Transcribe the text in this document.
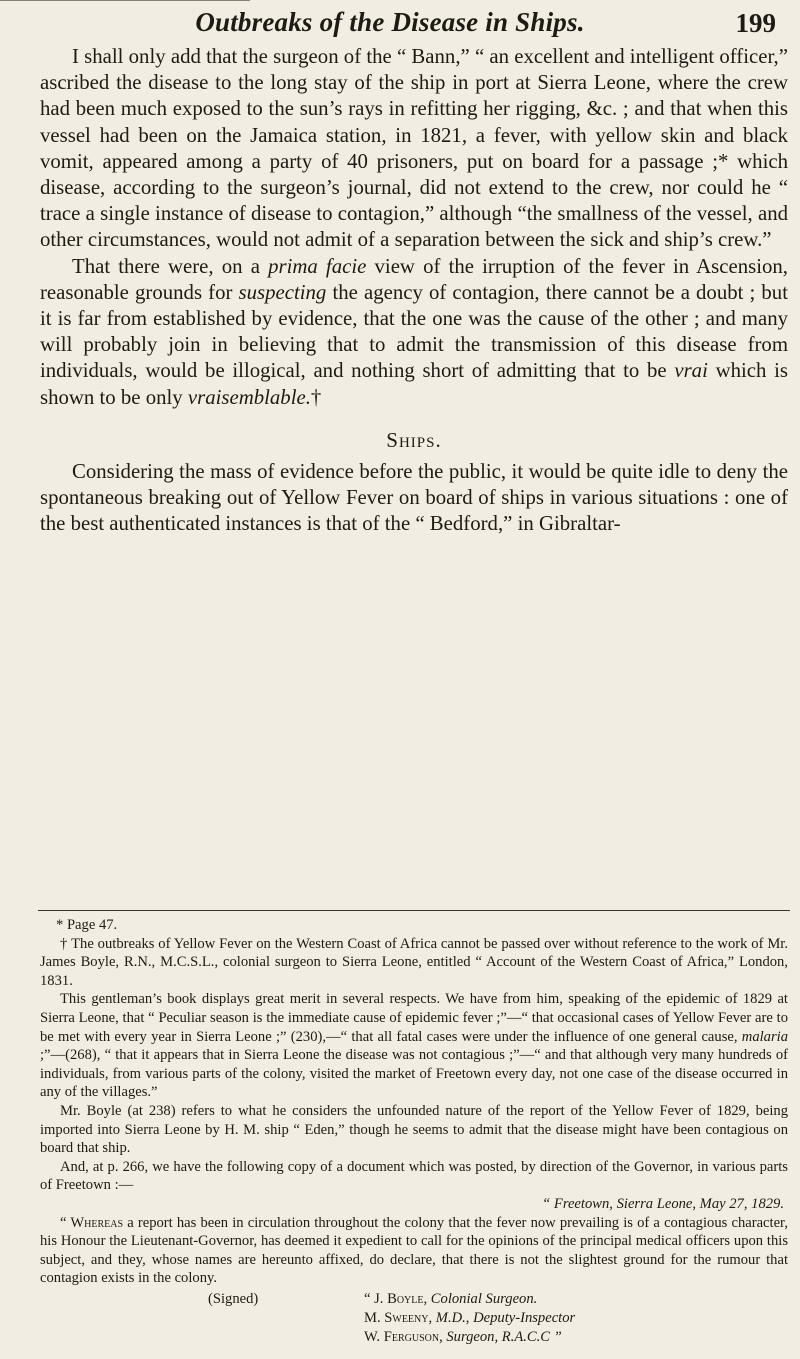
Outbreaks of the Disease in Ships.	199

I shall only add that the surgeon of the “ Bann,” “ an excellent and intelligent officer,” ascribed the disease to the long stay of the ship in port at Sierra Leone, where the crew had been much exposed to the sun’s rays in refitting her rigging, &c. ; and that when this vessel had been on the Jamaica station, in 1821, a fever, with yellow skin and black vomit, appeared among a party of 40 prisoners, put on board for a passage ;* which disease, according to the surgeon’s journal, did not extend to the crew, nor could he “ trace a single instance of disease to contagion,” although “the smallness of the vessel, and other circumstances, would not admit of a separation between the sick and ship’s crew.”

That there were, on a prima facie view of the irruption of the fever in Ascension, reasonable grounds for suspecting the agency of contagion, there cannot be a doubt ; but it is far from established by evidence, that the one was the cause of the other ; and many will probably join in believing that to admit the transmission of this disease from individuals, would be illogical, and nothing short of admitting that to be vrai which is shown to be only vraisemblable.†

Ships.

Considering the mass of evidence before the public, it would be quite idle to deny the spontaneous breaking out of Yellow Fever on board of ships in various situations : one of the best authenticated instances is that of the “ Bedford,” in Gibraltar-

* Page 47.

† The outbreaks of Yellow Fever on the Western Coast of Africa cannot be passed over without reference to the work of Mr. James Boyle, R.N., M.C.S.L., colonial surgeon to Sierra Leone, entitled “ Account of the Western Coast of Africa,” London, 1831.

This gentleman’s book displays great merit in several respects. We have from him, speaking of the epidemic of 1829 at Sierra Leone, that “ Peculiar season is the immediate cause of epidemic fever ;”—“ that occasional cases of Yellow Fever are to be met with every year in Sierra Leone ;” (230),—“ that all fatal cases were under the influence of one general cause, malaria ;”—(268), “ that it appears that in Sierra Leone the disease was not contagious ;”—“ and that although very many hundreds of individuals, from various parts of the colony, visited the market of Freetown every day, not one case of the disease occurred in any of the villages.”

Mr. Boyle (at 238) refers to what he considers the unfounded nature of the report of the Yellow Fever of 1829, being imported into Sierra Leone by H. M. ship “ Eden,” though he seems to admit that the disease might have been contagious on board that ship.

And, at p. 266, we have the following copy of a document which was posted, by direction of the Governor, in various parts of Freetown :—

“ Freetown, Sierra Leone, May 27, 1829.

“ Whereas a report has been in circulation throughout the colony that the fever now prevailing is of a contagious character, his Honour the Lieutenant-Governor, has deemed it expedient to call for the opinions of the principal medical officers upon this subject, and they, whose names are hereunto affixed, do declare, that there is not the slightest ground for the rumour that contagion exists in the colony.

(Signed)	“ J. Boyle, Colonial Surgeon.
M. Sweeny, M.D., Deputy-Inspector
W. Ferguson, Surgeon, R.A.C.C ”
